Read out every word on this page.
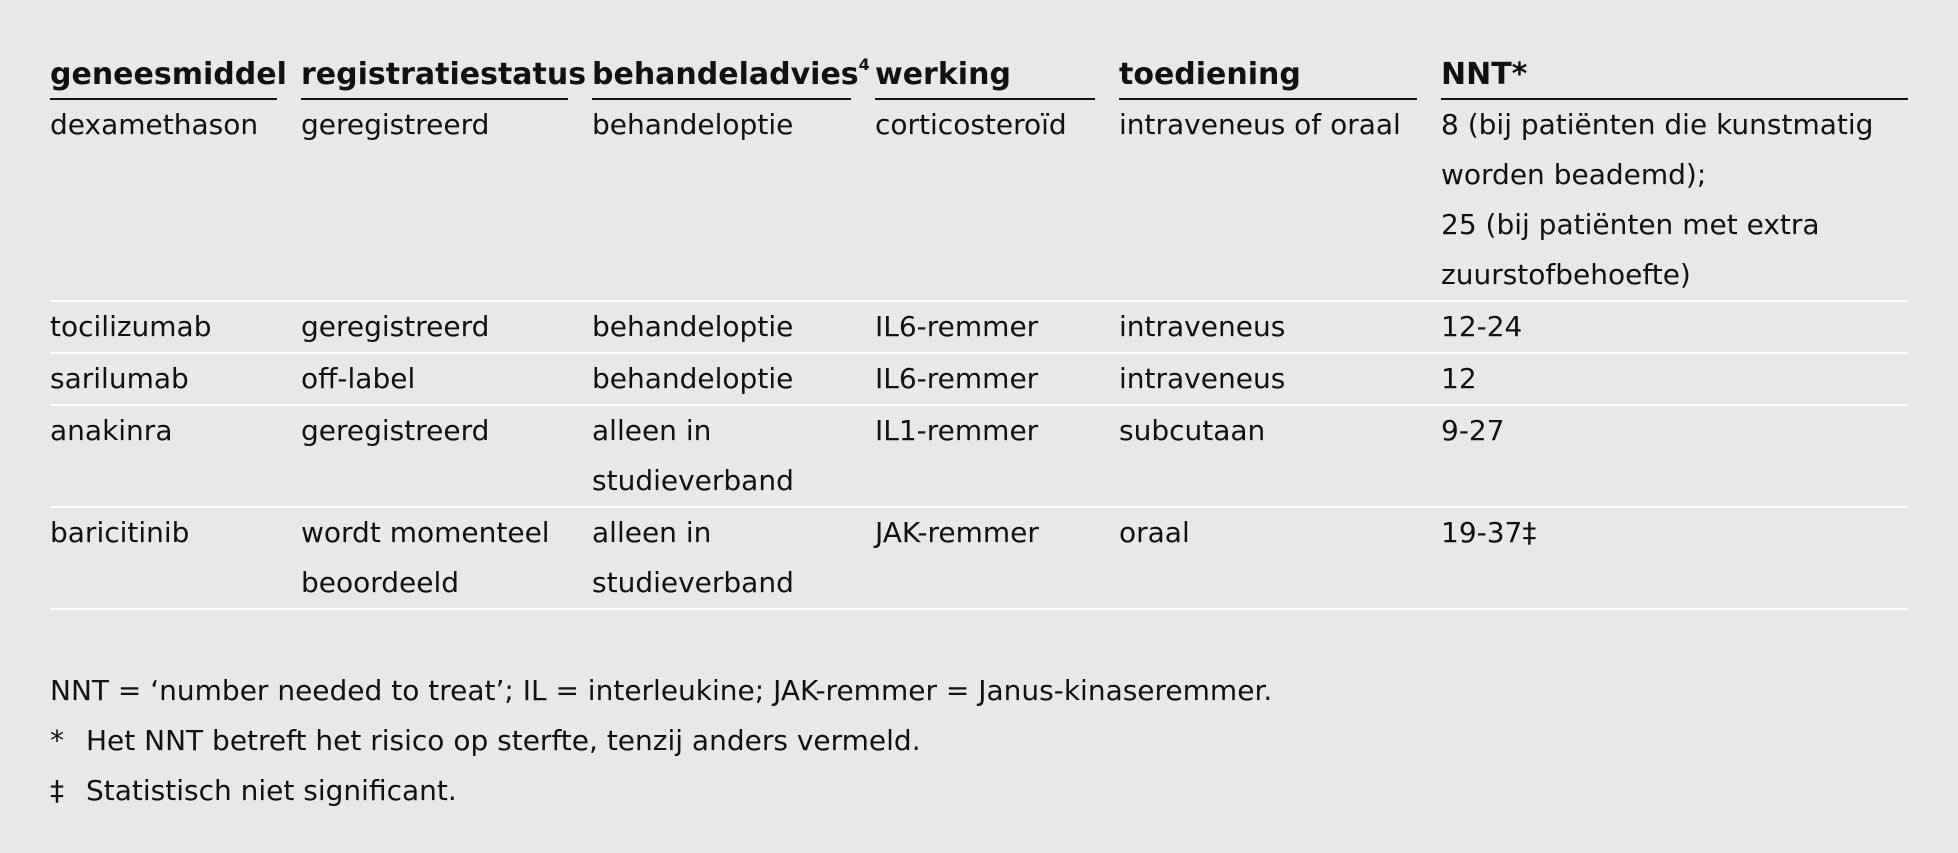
geneesmiddel	registratiestatus	behandeladvies$^4$	werking	toediening	NNT*

dexamethason	geregistreerd	behandeloptie	corticosteroïd	intraveneus of oraal	8 (bij patiënten die kunstmatig
worden beademd);
25 (bij patiënten met extra
zuurstofbehoefte)

tocilizumab	geregistreerd	behandeloptie	IL6-remmer	intraveneus	12-24

sarilumab	off-label	behandeloptie	IL6-remmer	intraveneus	12

anakinra	geregistreerd	alleen in studieverband	IL1-remmer	subcutaan	9-27

baricitinib	wordt momenteel beoordeeld	alleen in studieverband	JAK-remmer	oraal	19-37‡
NNT = ‘number needed to treat’; IL = interleukine; JAK-remmer = Janus-kinaseremmer.
* Het NNT betreft het risico op sterfte, tenzij anders vermeld.
‡ Statistisch niet significant.
